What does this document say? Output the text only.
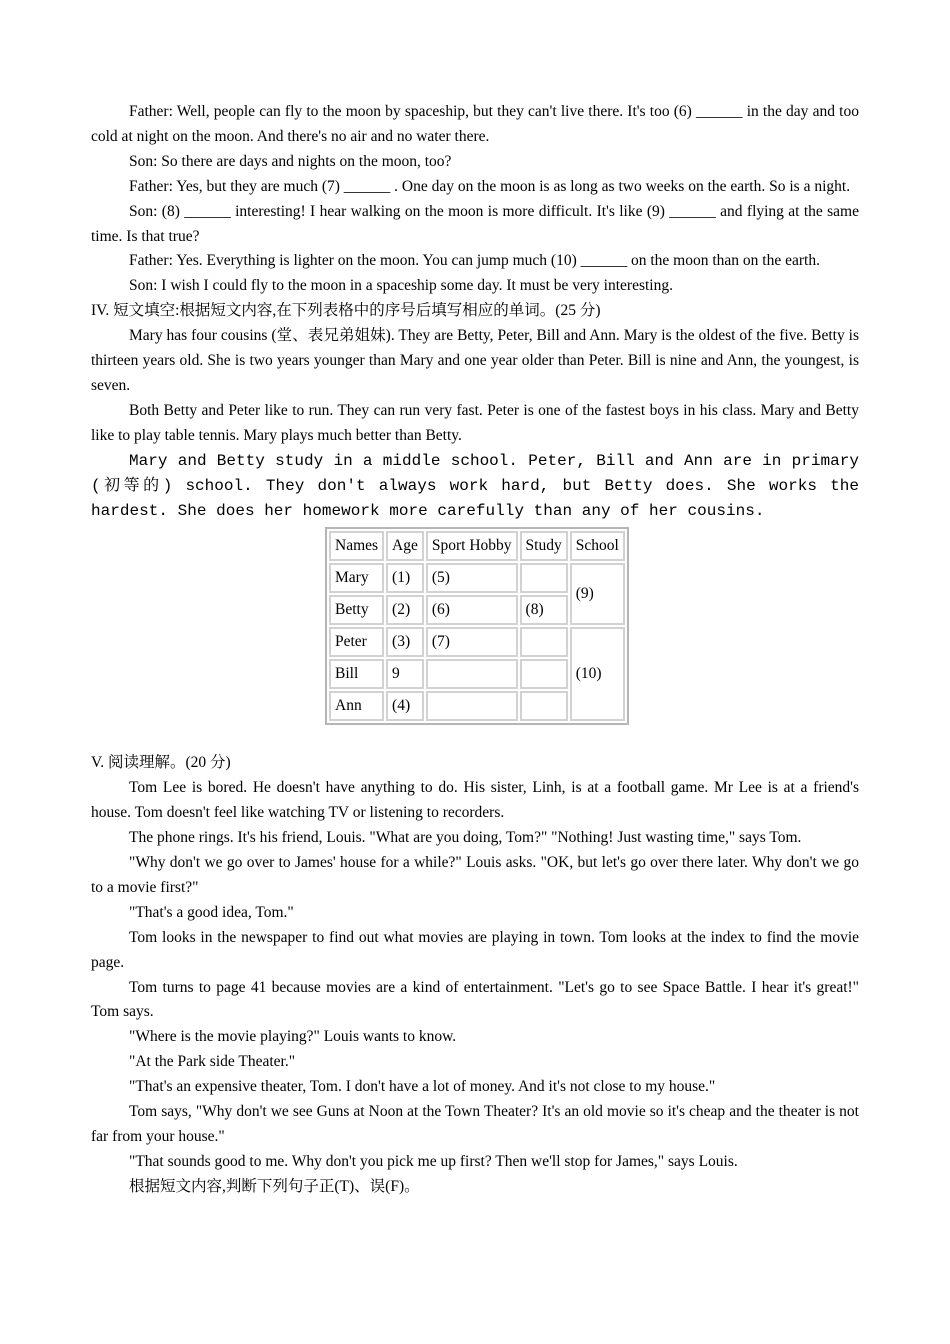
Father: Well, people can fly to the moon by spaceship, but they can't live there. It's too (6) ______ in the day and too cold at night on the moon. And there's no air and no water there.

Son: So there are days and nights on the moon, too?

Father: Yes, but they are much (7) ______ . One day on the moon is as long as two weeks on the earth. So is a night.

Son: (8) ______ interesting! I hear walking on the moon is more difficult. It's like (9) ______ and flying at the same time. Is that true?

Father: Yes. Everything is lighter on the moon. You can jump much (10) ______ on the moon than on the earth.

Son: I wish I could fly to the moon in a spaceship some day. It must be very interesting.

IV. 短文填空:根据短文内容,在下列表格中的序号后填写相应的单词。(25 分)

Mary has four cousins (堂、表兄弟姐妹). They are Betty, Peter, Bill and Ann. Mary is the oldest of the five. Betty is thirteen years old. She is two years younger than Mary and one year older than Peter. Bill is nine and Ann, the youngest, is seven.

Both Betty and Peter like to run. They can run very fast. Peter is one of the fastest boys in his class. Mary and Betty like to play table tennis. Mary plays much better than Betty.

Mary and Betty study in a middle school. Peter, Bill and Ann are in primary (初等的) school. They don't always work hard, but Betty does. She works the hardest. She does her homework more carefully than any of her cousins.

Names	Age	Sport Hobby	Study	School
Mary	(1)	(5)		(9)
Betty	(2)	(6)	(8)	
Peter	(3)	(7)		(10)
Bill	9			
Ann	(4)			

V. 阅读理解。(20 分)

Tom Lee is bored. He doesn't have anything to do. His sister, Linh, is at a football game. Mr Lee is at a friend's house. Tom doesn't feel like watching TV or listening to recorders.

The phone rings. It's his friend, Louis. "What are you doing, Tom?" "Nothing! Just wasting time," says Tom.

"Why don't we go over to James' house for a while?" Louis asks. "OK, but let's go over there later. Why don't we go to a movie first?"

"That's a good idea, Tom."

Tom looks in the newspaper to find out what movies are playing in town. Tom looks at the index to find the movie page.

Tom turns to page 41 because movies are a kind of entertainment. "Let's go to see Space Battle. I hear it's great!" Tom says.

"Where is the movie playing?" Louis wants to know.

"At the Park side Theater."

"That's an expensive theater, Tom. I don't have a lot of money. And it's not close to my house."

Tom says, "Why don't we see Guns at Noon at the Town Theater? It's an old movie so it's cheap and the theater is not far from your house."

"That sounds good to me. Why don't you pick me up first? Then we'll stop for James," says Louis.

根据短文内容,判断下列句子正(T)、误(F)。
